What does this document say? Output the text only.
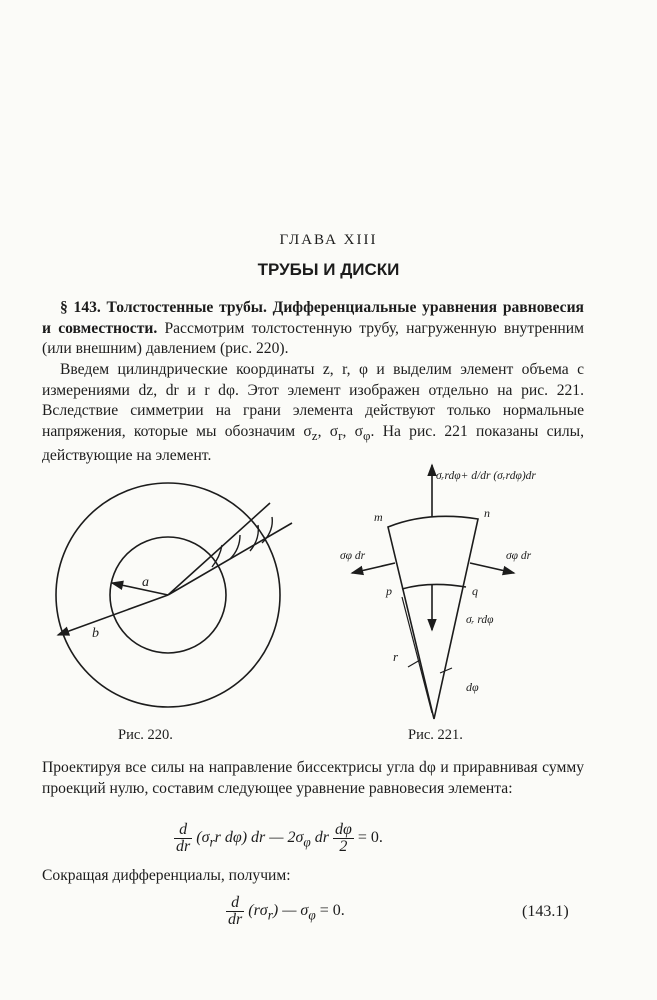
ГЛАВА XIII
ТРУБЫ И ДИСКИ
§ 143. Толстостенные трубы. Дифференциальные уравнения равновесия и совместности. Рассмотрим толстостенную трубу, нагруженную внутренним (или внешним) давлением (рис. 220).
Введем цилиндрические координаты z, r, φ и выделим элемент объема с измерениями dz, dr и r dφ. Этот элемент изображен отдельно на рис. 221. Вследствие симметрии на грани элемента действуют только нормальные напряжения, которые мы обозначим $\sigma_z$, $\sigma_r$, $\sigma_\varphi$. На рис. 221 показаны силы, действующие на элемент.
a
b
σᵣrdφ+ d/dr (σᵣrdφ)dr
σφ dr	σφ dr
σᵣ rdφ
m	n
p	q
r
dφ
Рис. 220.	Рис. 221.
Проектируя все силы на направление биссектрисы угла dφ и приравнивая сумму проекций нулю, составим следующее уравнение равновесия элемента:
$\frac{d}{dr} (\sigma_rr$ dφ) dr — $2\sigma_\varphi$ dr $\frac{d\varphi}{2} = 0$.
Сокращая дифференциалы, получим:
$\frac{d}{dr} (r\sigma_r)$ — $\sigma_\varphi = 0$.	(143.1)
